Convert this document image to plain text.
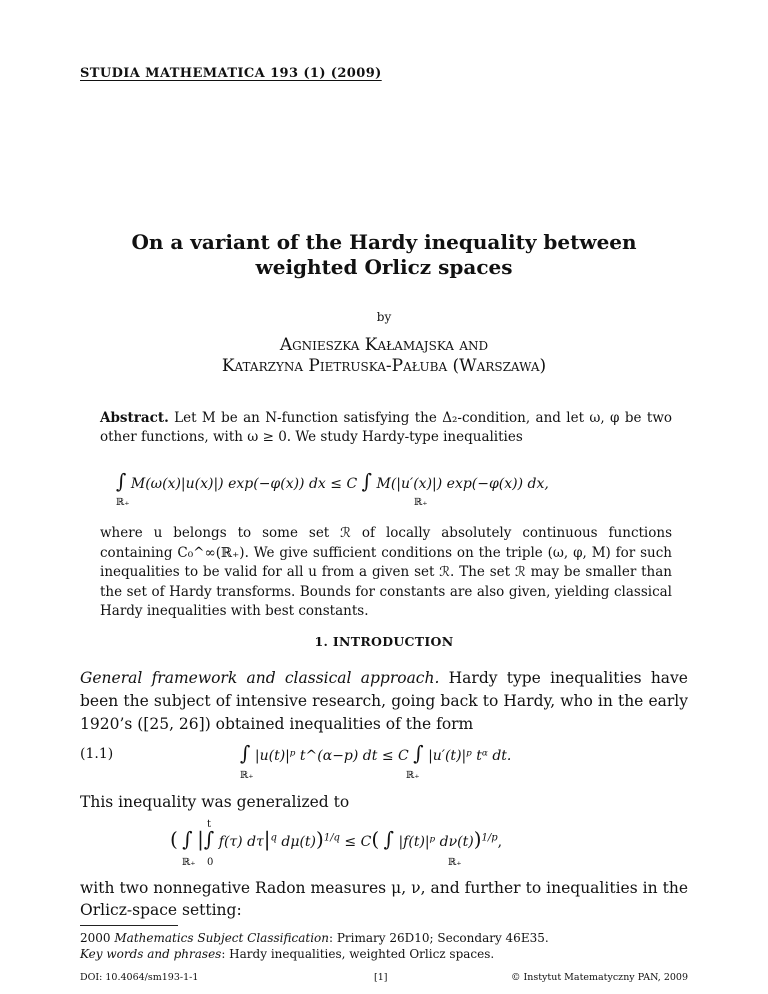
STUDIA MATHEMATICA 193 (1) (2009)
On a variant of the Hardy inequality between
weighted Orlicz spaces
by
Agnieszka Kałamajska and
Katarzyna Pietruska-Pałuba (Warszawa)
Abstract. Let M be an N-function satisfying the Δ₂-condition, and let ω, φ be two other functions, with ω ≥ 0. We study Hardy-type inequalities
∫ M(ω(x)|u(x)|) exp(−φ(x)) dx ≤ C ∫ M(|u′(x)|) exp(−φ(x)) dx,
ℝ₊	ℝ₊
where u belongs to some set ℛ of locally absolutely continuous functions containing C₀^∞(ℝ₊). We give sufficient conditions on the triple (ω, φ, M) for such inequalities to be valid for all u from a given set ℛ. The set ℛ may be smaller than the set of Hardy transforms. Bounds for constants are also given, yielding classical Hardy inequalities with best constants.
1. INTRODUCTION
General framework and classical approach. Hardy type inequalities have been the subject of intensive research, going back to Hardy, who in the early 1920’s ([25, 26]) obtained inequalities of the form
(1.1)	∫ |u(t)|ᵖ t^(α−p) dt ≤ C ∫ |u′(t)|ᵖ tᵅ dt.
ℝ₊	ℝ₊
This inequality was generalized to
( ∫ |∫ f(τ) $d\tau|^q$ dμ(t))$^{1/q}$ ≤ C( ∫ |f(t)|ᵖ dν(t))$^{1/p}$,
t
ℝ₊ 0	ℝ₊
with two nonnegative Radon measures μ, ν, and further to inequalities in the Orlicz-space setting:
2000 Mathematics Subject Classification: Primary 26D10; Secondary 46E35.
Key words and phrases: Hardy inequalities, weighted Orlicz spaces.
DOI: 10.4064/sm193-1-1	[1]	© Instytut Matematyczny PAN, 2009
